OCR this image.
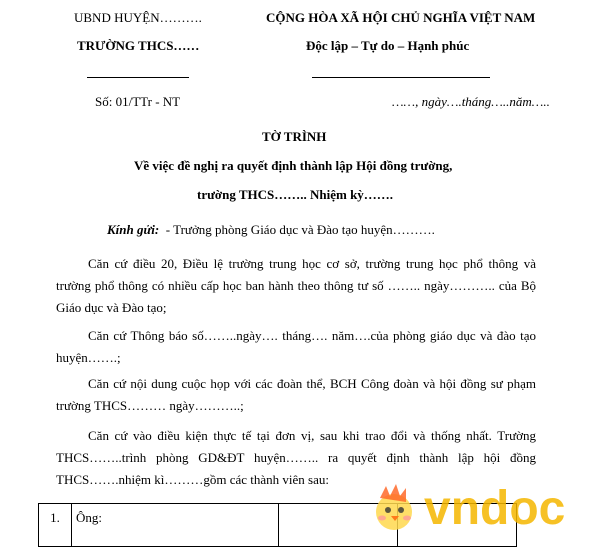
UBND HUYỆN……….
TRƯỜNG THCS……
CỘNG HÒA XÃ HỘI CHỦ NGHĨA VIỆT NAM
Độc lập – Tự do – Hạnh phúc
Số: 01/TTr - NT	……, ngày….tháng…..năm…..
TỜ TRÌNH
Về việc đề nghị ra quyết định thành lập Hội đồng trường,
trường THCS…….. Nhiệm kỳ…….
Kính gửi: - Trưởng phòng Giáo dục và Đào tạo huyện……….
Căn cứ điều 20, Điều lệ trường trung học cơ sở, trường trung học phổ thông và trường phổ thông có nhiều cấp học ban hành theo thông tư số …….. ngày……….. của Bộ Giáo dục và Đào tạo;
Căn cứ Thông báo số……..ngày…. tháng…. năm….của phòng giáo dục và đào tạo huyện…….;
Căn cứ nội dung cuộc họp với các đoàn thể, BCH Công đoàn và hội đồng sư phạm trường THCS……… ngày………..;
Căn cứ vào điều kiện thực tế tại đơn vị, sau khi trao đổi và thống nhất. Trường THCS……..trình phòng GD&ĐT huyện…….. ra quyết định thành lập hội đồng THCS…….nhiệm kì………gồm các thành viên sau:
1.	Ông:				vndoc
